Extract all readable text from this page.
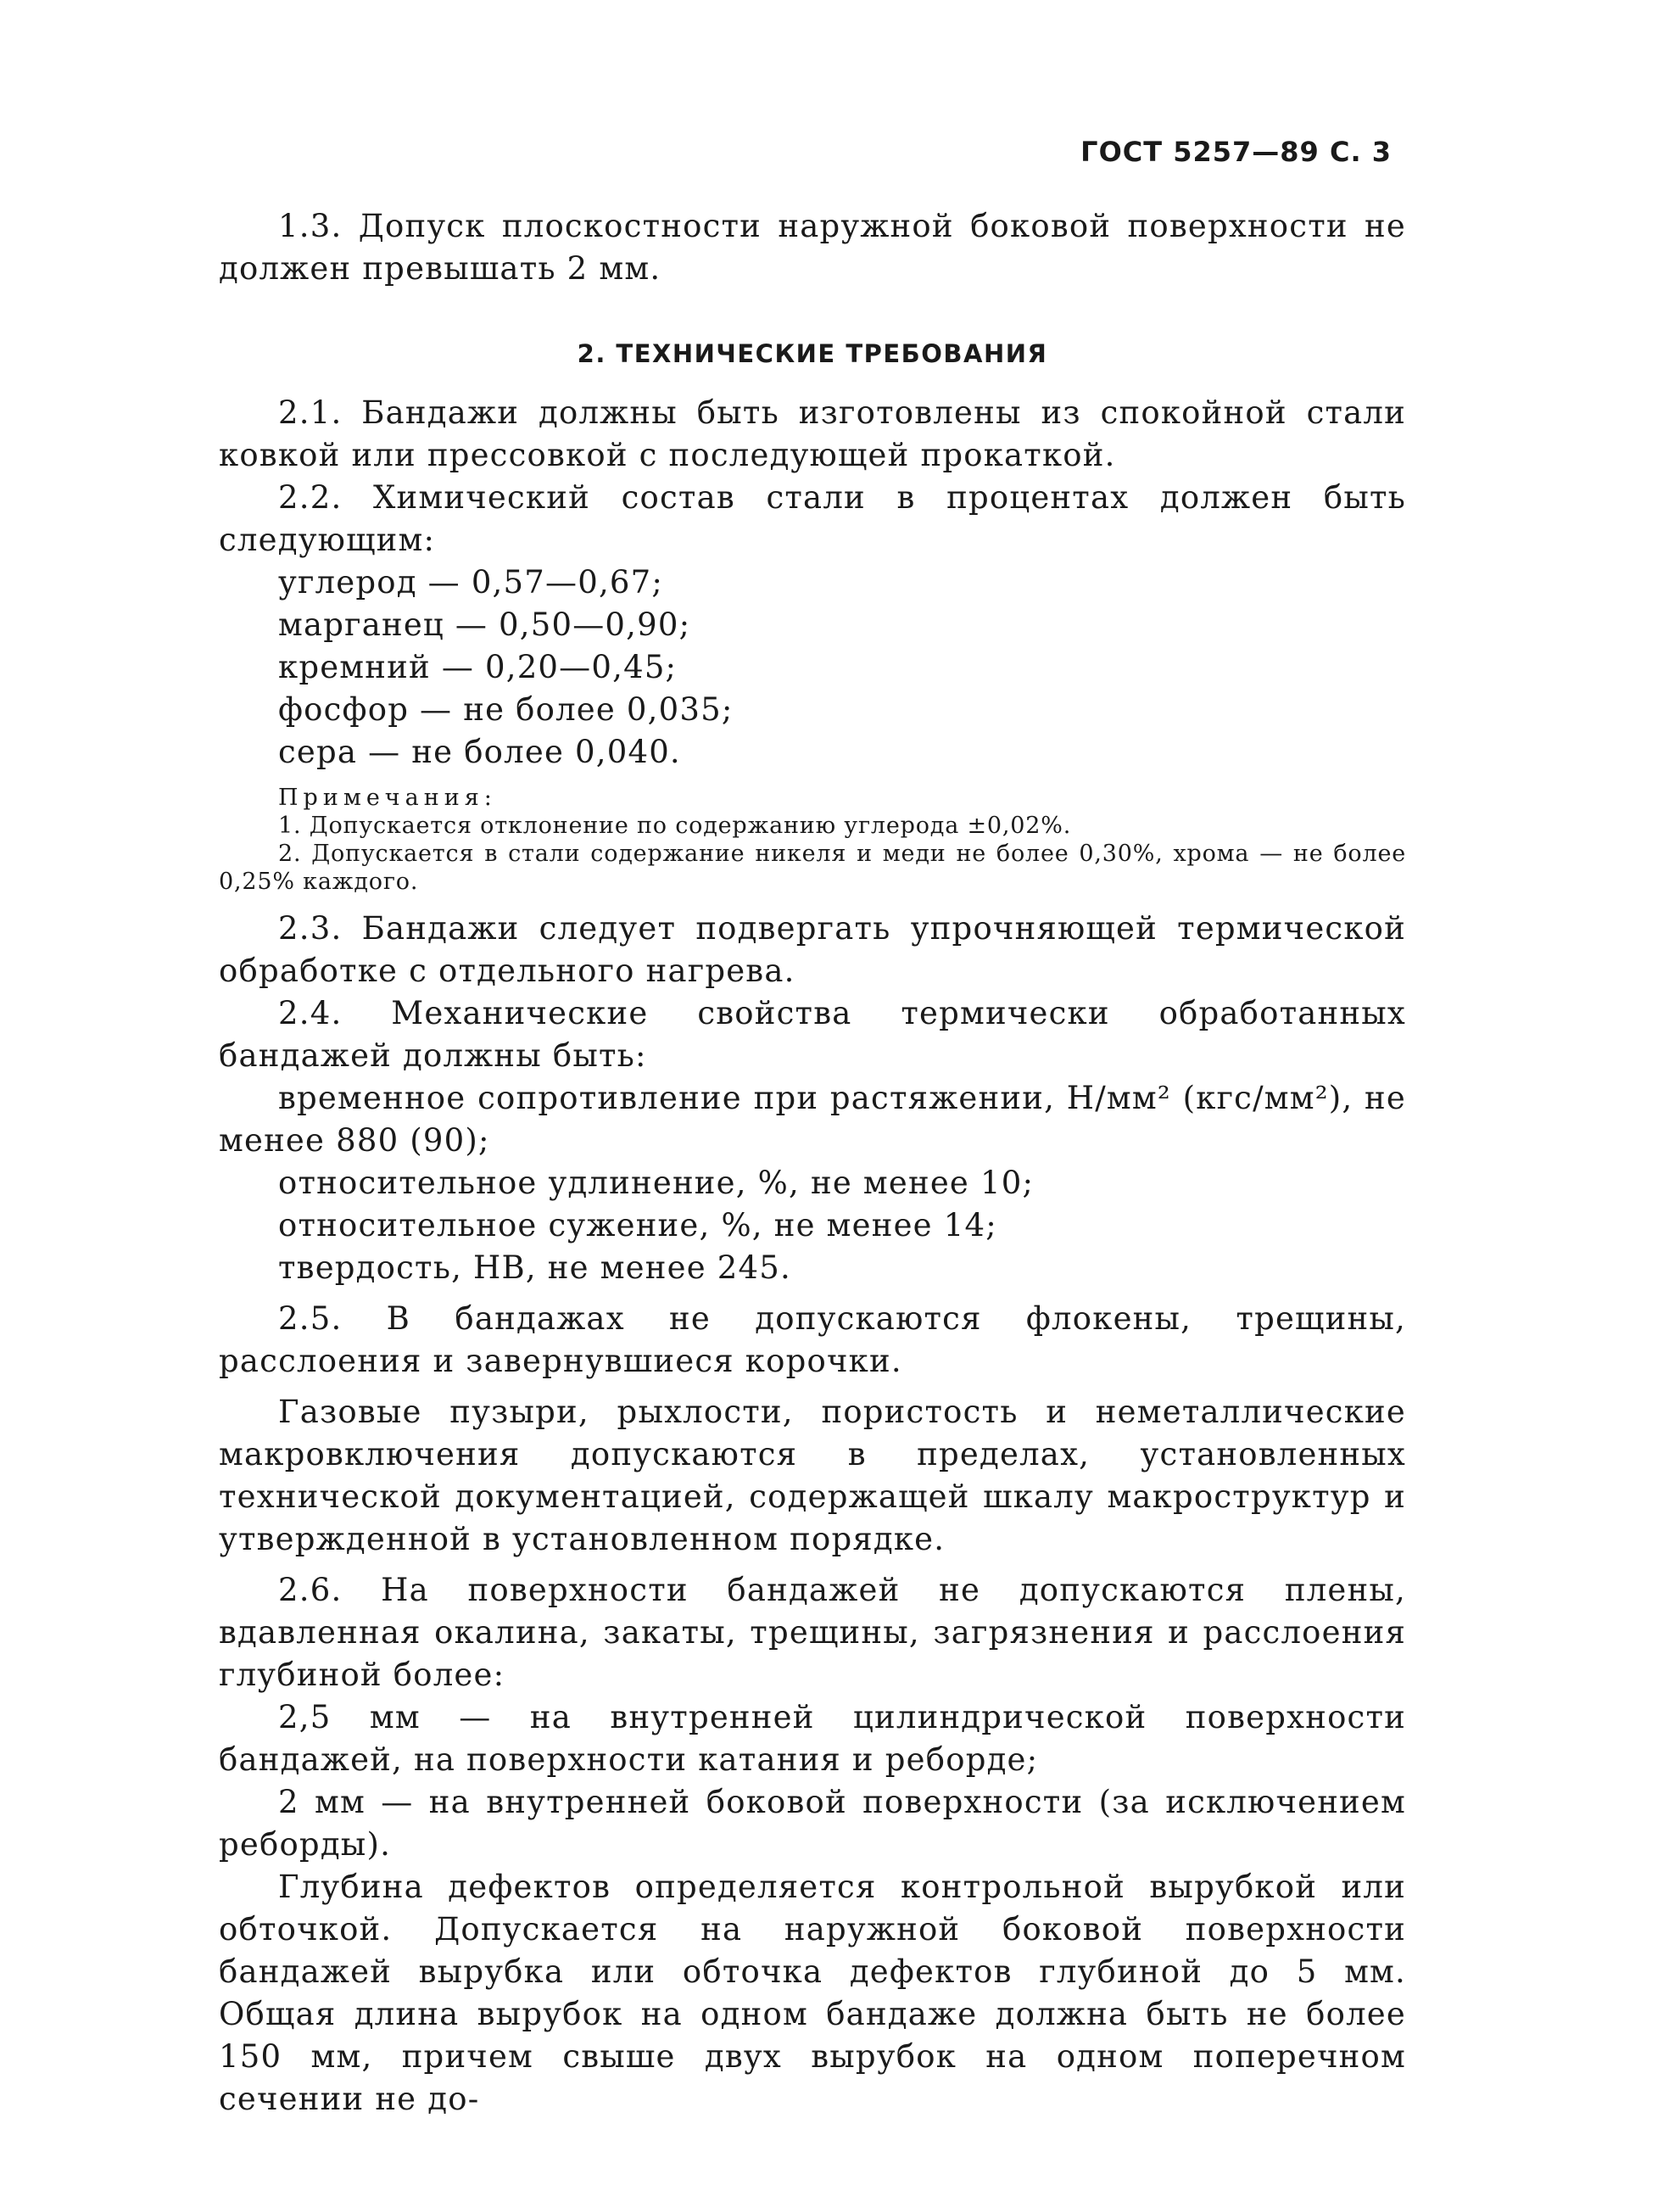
ГОСТ 5257—89 С. 3

1.3. Допуск плоскостности наружной боковой поверхности не должен превышать 2 мм.

2. ТЕХНИЧЕСКИЕ ТРЕБОВАНИЯ

2.1. Бандажи должны быть изготовлены из спокойной стали ковкой или прессовкой с последующей прокаткой.

2.2. Химический состав стали в процентах должен быть следующим:

углерод — 0,57—0,67;

марганец — 0,50—0,90;

кремний — 0,20—0,45;

фосфор — не более 0,035;

сера — не более 0,040.

Примечания:

1. Допускается отклонение по содержанию углерода ±0,02%.

2. Допускается в стали содержание никеля и меди не более 0,30%, хрома — не более 0,25% каждого.

2.3. Бандажи следует подвергать упрочняющей термической обработке с отдельного нагрева.

2.4. Механические свойства термически обработанных бандажей должны быть:

временное сопротивление при растяжении, Н/мм² (кгс/мм²), не менее 880 (90);

относительное удлинение, %, не менее 10;

относительное сужение, %, не менее 14;

твердость, НВ, не менее 245.

2.5. В бандажах не допускаются флокены, трещины, расслоения и завернувшиеся корочки.

Газовые пузыри, рыхлости, пористость и неметаллические макровключения допускаются в пределах, установленных технической документацией, содержащей шкалу макроструктур и утвержденной в установленном порядке.

2.6. На поверхности бандажей не допускаются плены, вдавленная окалина, закаты, трещины, загрязнения и расслоения глубиной более:

2,5 мм — на внутренней цилиндрической поверхности бандажей, на поверхности катания и реборде;

2 мм — на внутренней боковой поверхности (за исключением реборды).

Глубина дефектов определяется контрольной вырубкой или обточкой. Допускается на наружной боковой поверхности бандажей вырубка или обточка дефектов глубиной до 5 мм. Общая длина вырубок на одном бандаже должна быть не более 150 мм, причем свыше двух вырубок на одном поперечном сечении не до-
